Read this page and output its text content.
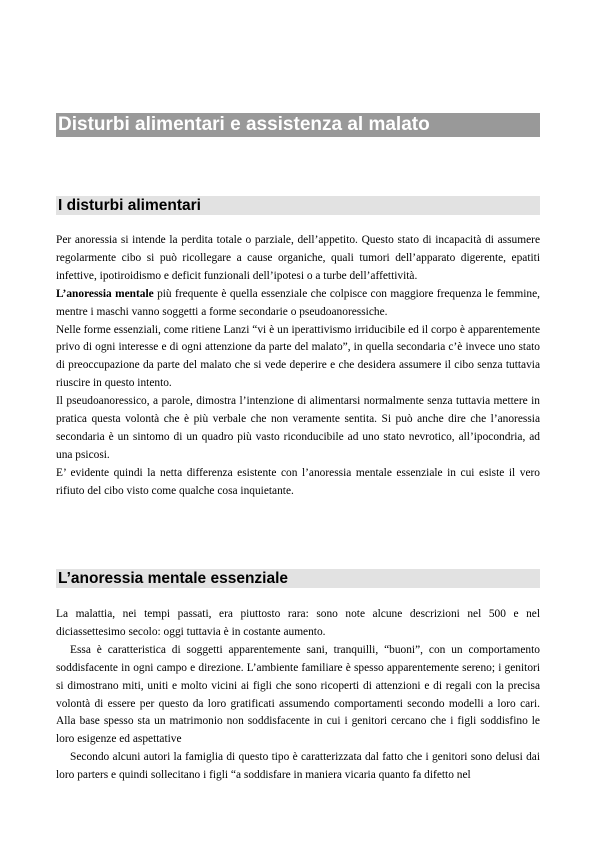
Disturbi alimentari e assistenza al malato
I disturbi alimentari

Per anoressia si intende la perdita totale o parziale, dell’appetito. Questo stato di incapacità di assumere regolarmente cibo si può ricollegare a cause organiche, quali tumori dell’apparato digerente, epatiti infettive, ipotiroidismo e deficit funzionali dell’ipotesi o a turbe dell’affettività.

L’anoressia mentale più frequente è quella essenziale che colpisce con maggiore frequenza le femmine, mentre i maschi vanno soggetti a forme secondarie o pseudoanoressiche.

Nelle forme essenziali, come ritiene Lanzi “vi è un iperattivismo irriducibile ed il corpo è apparentemente privo di ogni interesse e di ogni attenzione da parte del malato”, in quella secondaria c’è invece uno stato di preoccupazione da parte del malato che si vede deperire e che desidera assumere il cibo senza tuttavia riuscire in questo intento.

Il pseudoanoressico, a parole, dimostra l’intenzione di alimentarsi normalmente senza tuttavia mettere in pratica questa volontà che è più verbale che non veramente sentita. Si può anche dire che l’anoressia secondaria è un sintomo di un quadro più vasto riconducibile ad uno stato nevrotico, all’ipocondria, ad una psicosi.

E’ evidente quindi la netta differenza esistente con l’anoressia mentale essenziale in cui esiste il vero rifiuto del cibo visto come qualche cosa inquietante.

L’anoressia mentale essenziale

La malattia, nei tempi passati, era piuttosto rara: sono note alcune descrizioni nel 500 e nel diciassettesimo secolo: oggi tuttavia è in costante aumento.

Essa è caratteristica di soggetti apparentemente sani, tranquilli, “buoni”, con un comportamento soddisfacente in ogni campo e direzione. L’ambiente familiare è spesso apparentemente sereno; i genitori si dimostrano miti, uniti e molto vicini ai figli che sono ricoperti di attenzioni e di regali con la precisa volontà di essere per questo da loro gratificati assumendo comportamenti secondo modelli a loro cari. Alla base spesso sta un matrimonio non soddisfacente in cui i genitori cercano che i figli soddisfino le loro esigenze ed aspettative

Secondo alcuni autori la famiglia di questo tipo è caratterizzata dal fatto che i genitori sono delusi dai loro parters e quindi sollecitano i figli “a soddisfare in maniera vicaria quanto fa difetto nel
